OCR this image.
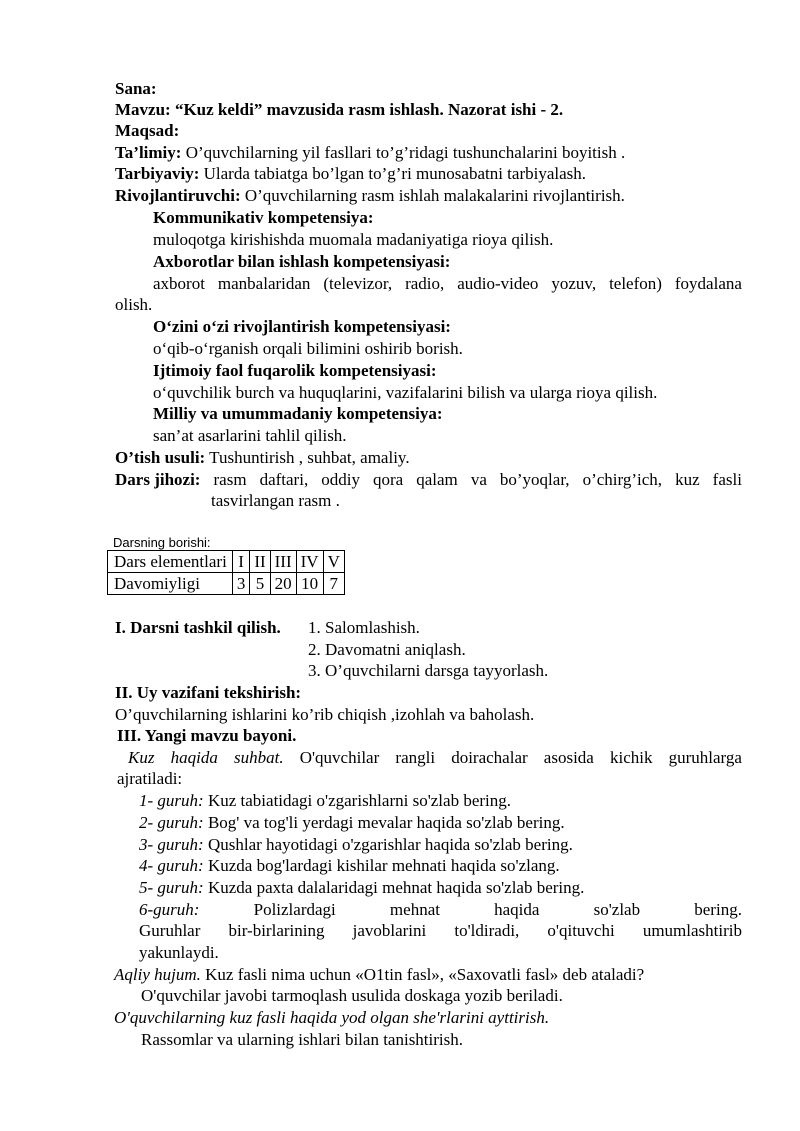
Sana:
Mavzu: “Kuz keldi” mavzusida rasm ishlash. Nazorat ishi - 2.
Maqsad:
Ta’limiy: O’quvchilarning yil fasllari to’g’ridagi tushunchalarini boyitish .
Tarbiyaviy: Ularda tabiatga bo’lgan to’g’ri munosabatni tarbiyalash.
Rivojlantiruvchi: O’quvchilarning rasm ishlah malakalarini rivojlantirish.
Kommunikativ kompetensiya:
muloqotga kirishishda muomala madaniyatiga rioya qilish.
Axborotlar bilan ishlash kompetensiyasi:
axborot manbalaridan (televizor, radio, audio-video yozuv, telefon) foydalana
olish.
O‘zini o‘zi rivojlantirish kompetensiyasi:
o‘qib-o‘rganish orqali bilimini oshirib borish.
Ijtimoiy faol fuqarolik kompetensiyasi:
o‘quvchilik burch va huquqlarini, vazifalarini bilish va ularga rioya qilish.
Milliy va umummadaniy kompetensiya:
san’at asarlarini tahlil qilish.
O’tish usuli: Tushuntirish , suhbat, amaliy.
Dars jihozi: rasm daftari, oddiy qora qalam va bo’yoqlar, o’chirg’ich, kuz fasli
tasvirlangan rasm .
Darsning borishi:
Dars elementlari	I	II	III	IV	V
Davomiyligi	3	5	20	10	7
I. Darsni tashkil qilish.	1. Salomlashish.
2. Davomatni aniqlash.
3. O’quvchilarni darsga tayyorlash.
II. Uy vazifani tekshirish:
O’quvchilarning ishlarini ko’rib chiqish ,izohlah va baholash.
III. Yangi mavzu bayoni.
Kuz haqida suhbat. O'quvchilar rangli doirachalar asosida kichik guruhlarga
ajratiladi:
1- guruh: Kuz tabiatidagi o'zgarishlarni so'zlab bering.
2- guruh: Bog' va tog'li yerdagi mevalar haqida so'zlab bering.
3- guruh: Qushlar hayotidagi o'zgarishlar haqida so'zlab bering.
4- guruh: Kuzda bog'lardagi kishilar mehnati haqida so'zlang.
5- guruh: Kuzda paxta dalalaridagi mehnat haqida so'zlab bering.
6-guruh:	Polizlardagi	mehnat	haqida	so'zlab	bering.
Guruhlar bir-birlarining javoblarini to'ldiradi, o'qituvchi umumlashtirib
yakunlaydi.
Aqliy hujum. Kuz fasli nima uchun «O1tin fasl», «Saxovatli fasl» deb ataladi?
O'quvchilar javobi tarmoqlash usulida doskaga yozib beriladi.
O'quvchilarning kuz fasli haqida yod olgan she'rlarini ayttirish.
Rassomlar va ularning ishlari bilan tanishtirish.
